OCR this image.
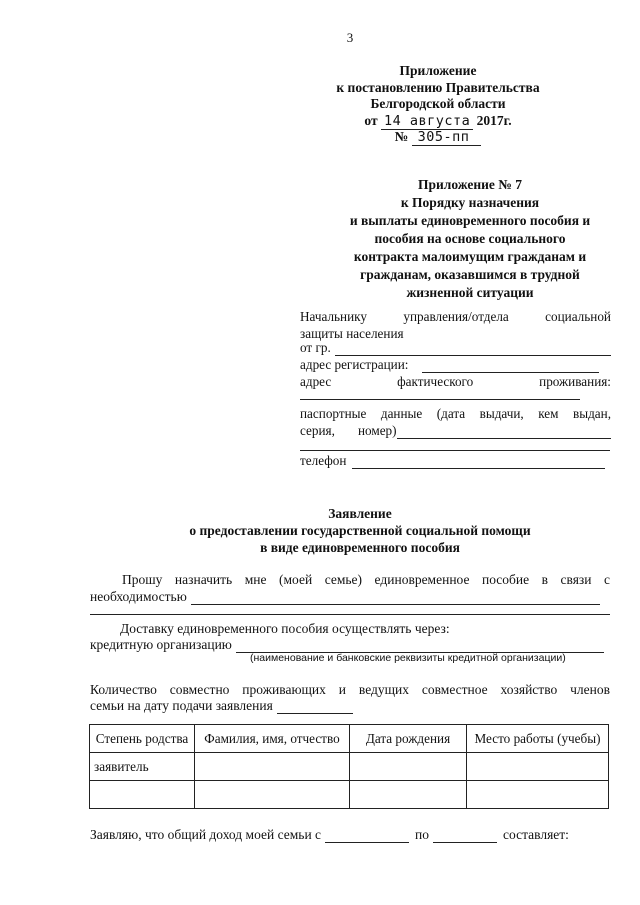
3
Приложение
к постановлению Правительства
Белгородской области
от 14 августа 2017г.
№ 305-пп
Приложение № 7
к Порядку назначения
и выплаты единовременного пособия и
пособия на основе социального
контракта малоимущим гражданам и
гражданам, оказавшимся в трудной
жизненной ситуации
Начальнику	управления/отдела	социальной
защиты населения
от гр.
адрес регистрации:
адрес	фактического	проживания:
паспортные данные (дата выдачи, кем выдан,
серия,       номер)
телефон
Заявление
о предоставлении государственной социальной помощи
в виде единовременного пособия
Прошу назначить мне (моей семье) единовременное пособие в связи с
необходимостью
Доставку единовременного пособия осуществлять через:
кредитную организацию
(наименование и банковские реквизиты кредитной организации)
Количество совместно проживающих и ведущих совместное хозяйство членов
семьи на дату подачи заявления
Степень родства	Фамилия, имя, отчество	Дата рождения	Место работы (учебы)
заявитель			

Заявляю, что общий доход моей семьи с	по	составляет:
